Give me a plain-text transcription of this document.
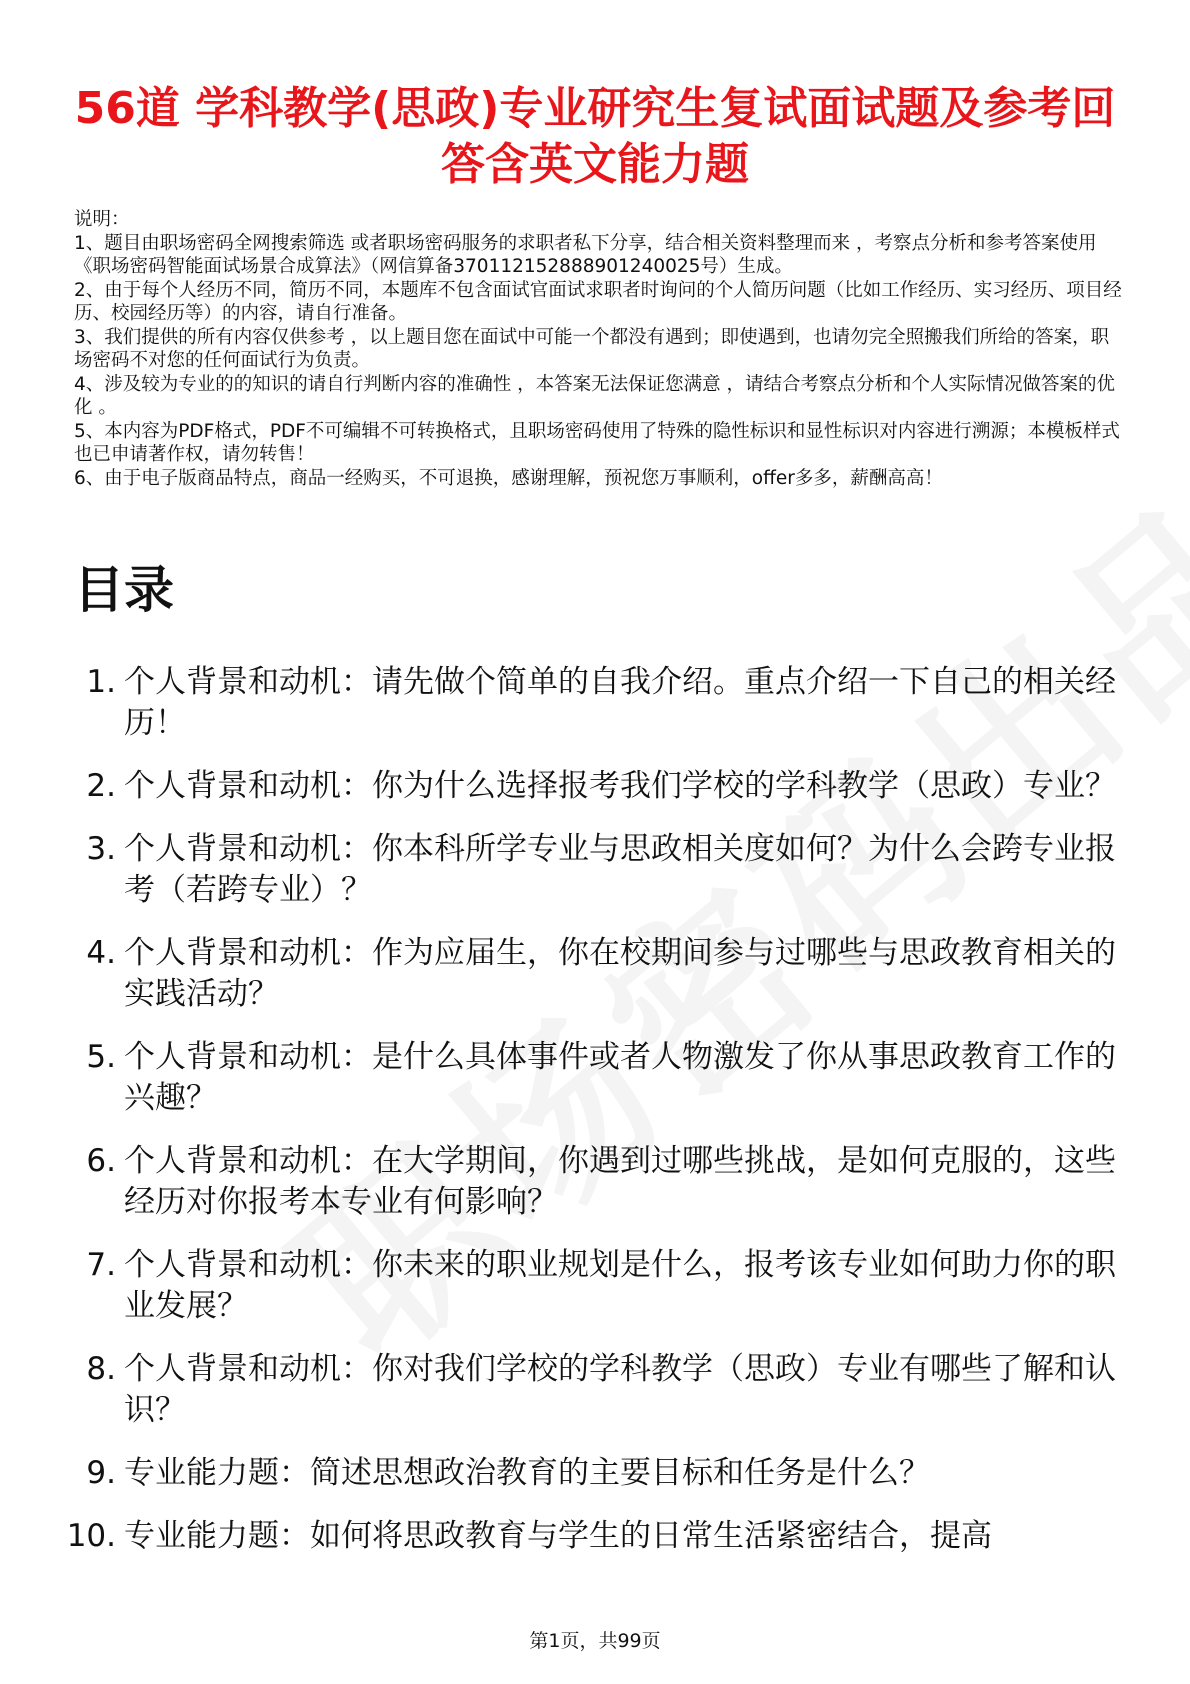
56道 学科教学(思政)专业研究生复试面试题及参考回答含英文能力题
说明：
1、题目由职场密码全网搜索筛选 或者职场密码服务的求职者私下分享，结合相关资料整理而来 ，考察点分析和参考答案使用《职场密码智能面试场景合成算法》（网信算备370112152888901240025号）生成。
2、由于每个人经历不同，简历不同，本题库不包含面试官面试求职者时询问的个人简历问题（比如工作经历、实习经历、项目经历、校园经历等）的内容，请自行准备。
3、我们提供的所有内容仅供参考 ，以上题目您在面试中可能一个都没有遇到；即使遇到，也请勿完全照搬我们所给的答案，职场密码不对您的任何面试行为负责。
4、涉及较为专业的的知识的请自行判断内容的准确性 ，本答案无法保证您满意 ，请结合考察点分析和个人实际情况做答案的优化 。
5、本内容为PDF格式，PDF不可编辑不可转换格式，且职场密码使用了特殊的隐性标识和显性标识对内容进行溯源；本模板样式也已申请著作权，请勿转售！
6、由于电子版商品特点，商品一经购买，不可退换，感谢理解，预祝您万事顺利，offer多多，薪酬高高！
目录
1. 个人背景和动机：请先做个简单的自我介绍。重点介绍一下自己的相关经历！
2. 个人背景和动机：你为什么选择报考我们学校的学科教学（思政）专业？
3. 个人背景和动机：你本科所学专业与思政相关度如何？为什么会跨专业报考（若跨专业）？
4. 个人背景和动机：作为应届生，你在校期间参与过哪些与思政教育相关的实践活动？
5. 个人背景和动机：是什么具体事件或者人物激发了你从事思政教育工作的兴趣？
6. 个人背景和动机：在大学期间，你遇到过哪些挑战，是如何克服的，这些经历对你报考本专业有何影响？
7. 个人背景和动机：你未来的职业规划是什么，报考该专业如何助力你的职业发展？
8. 个人背景和动机：你对我们学校的学科教学（思政）专业有哪些了解和认识？
9. 专业能力题：简述思想政治教育的主要目标和任务是什么？
10. 专业能力题：如何将思政教育与学生的日常生活紧密结合，提高
第1页，共99页
